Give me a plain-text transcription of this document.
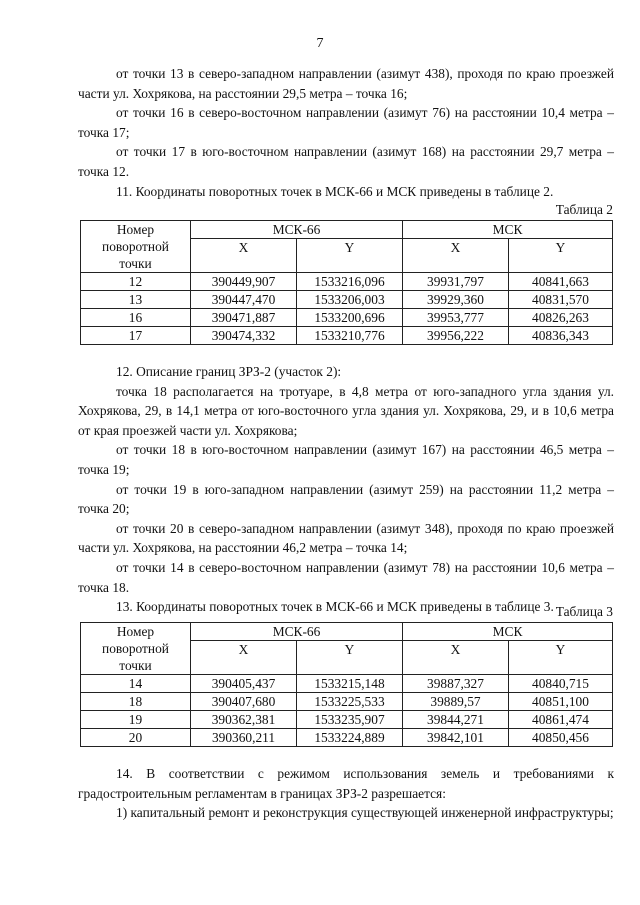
7

от точки 13 в северо-западном направлении (азимут 438), проходя по краю проезжей части ул. Хохрякова, на расстоянии 29,5 метра – точка 16;

от точки 16 в северо-восточном направлении (азимут 76) на расстоянии 10,4 метра – точка 17;

от точки 17 в юго-восточном направлении (азимут 168) на расстоянии 29,7 метра – точка 12.

11. Координаты поворотных точек в МСК-66 и МСК приведены в таблице 2.

Таблица 2
Номер поворотной точки	МСК-66		МСК	
	X	Y	X	Y
12	390449,907	1533216,096	39931,797	40841,663
13	390447,470	1533206,003	39929,360	40831,570
16	390471,887	1533200,696	39953,777	40826,263
17	390474,332	1533210,776	39956,222	40836,343

12. Описание границ ЗРЗ-2 (участок 2):

точка 18 располагается на тротуаре, в 4,8 метра от юго-западного угла здания ул. Хохрякова, 29, в 14,1 метра от юго-восточного угла здания ул. Хохрякова, 29, и в 10,6 метра от края проезжей части ул. Хохрякова;

от точки 18 в юго-восточном направлении (азимут 167) на расстоянии 46,5 метра – точка 19;

от точки 19 в юго-западном направлении (азимут 259) на расстоянии 11,2 метра – точка 20;

от точки 20 в северо-западном направлении (азимут 348), проходя по краю проезжей части ул. Хохрякова, на расстоянии 46,2 метра – точка 14;

от точки 14 в северо-восточном направлении (азимут 78) на расстоянии 10,6 метра – точка 18.

13. Координаты поворотных точек в МСК-66 и МСК приведены в таблице 3. Таблица 3
Номер поворотной точки	МСК-66		МСК	
	X	Y	X	Y
14	390405,437	1533215,148	39887,327	40840,715
18	390407,680	1533225,533	39889,57	40851,100
19	390362,381	1533235,907	39844,271	40861,474
20	390360,211	1533224,889	39842,101	40850,456

14. В соответствии с режимом использования земель и требованиями к градостроительным регламентам в границах ЗРЗ-2 разрешается:

1) капитальный ремонт и реконструкция существующей инженерной инфраструктуры;
